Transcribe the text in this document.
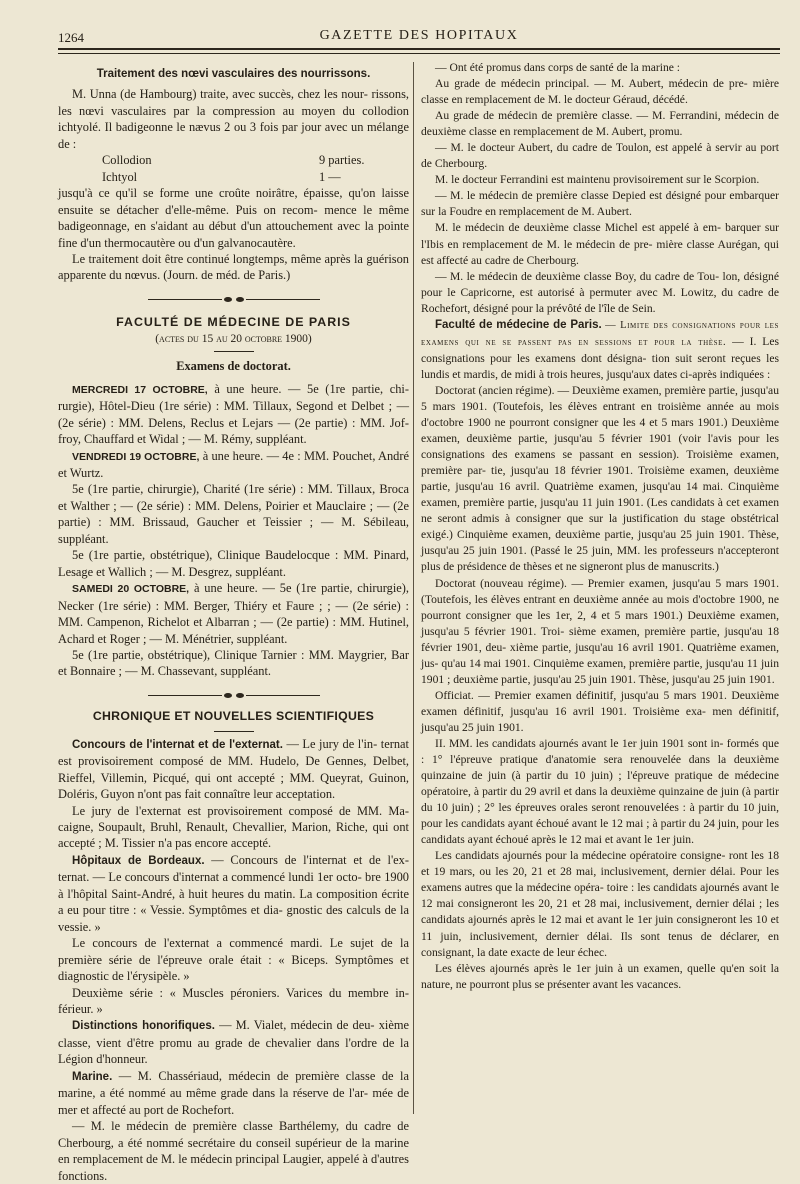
1264	GAZETTE DES HOPITAUX
Traitement des nœvi vasculaires des nourrissons.

M. Unna (de Hambourg) traite, avec succès, chez les nour- rissons, les nœvi vasculaires par la compression au moyen du collodion ichtyolé. Il badigeonne le nævus 2 ou 3 fois par jour avec un mélange de :

Collodion	9 parties.
Ichtyol	1 —

jusqu'à ce qu'il se forme une croûte noirâtre, épaisse, qu'on laisse ensuite se détacher d'elle-même. Puis on recom- mence le même badigeonnage, en s'aidant au début d'un attouchement avec la pointe fine d'un thermocautère ou d'un galvanocautère.

Le traitement doit être continué longtemps, même après la guérison apparente du nœvus. (Journ. de méd. de Paris.)

FACULTÉ DE MÉDECINE DE PARIS
(actes du 15 au 20 octobre 1900)
Examens de doctorat.

MERCREDI 17 OCTOBRE, à une heure. — 5e (1re partie, chi- rurgie), Hôtel-Dieu (1re série) : MM. Tillaux, Segond et Delbet ; — (2e série) : MM. Delens, Reclus et Lejars — (2e partie) : MM. Jof- froy, Chauffard et Widal ; — M. Rémy, suppléant.

VENDREDI 19 OCTOBRE, à une heure. — 4e : MM. Pouchet, André et Wurtz.

5e (1re partie, chirurgie), Charité (1re série) : MM. Tillaux, Broca et Walther ; — (2e série) : MM. Delens, Poirier et Mauclaire ; — (2e partie) : MM. Brissaud, Gaucher et Teissier ; — M. Sébileau, suppléant.

5e (1re partie, obstétrique), Clinique Baudelocque : MM. Pinard, Lesage et Wallich ; — M. Desgrez, suppléant.

SAMEDI 20 OCTOBRE, à une heure. — 5e (1re partie, chirurgie), Necker (1re série) : MM. Berger, Thiéry et Faure ; ; — (2e série) : MM. Campenon, Richelot et Albarran ; — (2e partie) : MM. Hutinel, Achard et Roger ; — M. Ménétrier, suppléant.

5e (1re partie, obstétrique), Clinique Tarnier : MM. Maygrier, Bar et Bonnaire ; — M. Chassevant, suppléant.

CHRONIQUE ET NOUVELLES SCIENTIFIQUES

Concours de l'internat et de l'externat. — Le jury de l'in- ternat est provisoirement composé de MM. Hudelo, De Gennes, Delbet, Rieffel, Villemin, Picqué, qui ont accepté ; MM. Queyrat, Guinon, Doléris, Guyon n'ont pas fait connaître leur acceptation.

Le jury de l'externat est provisoirement composé de MM. Ma- caigne, Soupault, Bruhl, Renault, Chevallier, Marion, Riche, qui ont accepté ; M. Tissier n'a pas encore accepté.

Hôpitaux de Bordeaux. — Concours de l'internat et de l'ex- ternat. — Le concours d'internat a commencé lundi 1er octo- bre 1900 à l'hôpital Saint-André, à huit heures du matin. La composition écrite a eu pour titre : « Vessie. Symptômes et dia- gnostic des calculs de la vessie. »

Le concours de l'externat a commencé mardi. Le sujet de la première série de l'épreuve orale était : « Biceps. Symptômes et diagnostic de l'érysipèle. »

Deuxième série : « Muscles péroniers. Varices du membre in- férieur. »

Distinctions honorifiques. — M. Vialet, médecin de deu- xième classe, vient d'être promu au grade de chevalier dans l'ordre de la Légion d'honneur.

Marine. — M. Chassériaud, médecin de première classe de la marine, a été nommé au même grade dans la réserve de l'ar- mée de mer et affecté au port de Rochefort.

— M. le médecin de première classe Barthélemy, du cadre de Cherbourg, a été nommé secrétaire du conseil supérieur de la marine en remplacement de M. le médecin principal Laugier, appelé à d'autres fonctions.

— Ont été promus dans corps de santé de la marine :

Au grade de médecin principal. — M. Aubert, médecin de pre- mière classe en remplacement de M. le docteur Géraud, décédé.

Au grade de médecin de première classe. — M. Ferrandini, médecin de deuxième classe en remplacement de M. Aubert, promu.

— M. le docteur Aubert, du cadre de Toulon, est appelé à servir au port de Cherbourg.

M. le docteur Ferrandini est maintenu provisoirement sur le Scorpion.

— M. le médecin de première classe Depied est désigné pour embarquer sur la Foudre en remplacement de M. Aubert.

M. le médecin de deuxième classe Michel est appelé à em- barquer sur l'Ibis en remplacement de M. le médecin de pre- mière classe Aurégan, qui est affecté au cadre de Cherbourg.

— M. le médecin de deuxième classe Boy, du cadre de Tou- lon, désigné pour le Capricorne, est autorisé à permuter avec M. Lowitz, du cadre de Rochefort, désigné pour la prévôté de l'île de Sein.

Faculté de médecine de Paris. — Limite des consignations pour les examens qui ne se passent pas en sessions et pour la thèse. — I. Les consignations pour les examens dont désigna- tion suit seront reçues les lundis et mardis, de midi à trois heures, jusqu'aux dates ci-après indiquées :

Doctorat (ancien régime). — Deuxième examen, première partie, jusqu'au 5 mars 1901. (Toutefois, les élèves entrant en troisième année au mois d'octobre 1900 ne pourront consigner que les 4 et 5 mars 1901.) Deuxième examen, deuxième partie, jusqu'au 5 février 1901 (voir l'avis pour les consignations des examens se passant en session). Troisième examen, première par- tie, jusqu'au 18 février 1901. Troisième examen, deuxième partie, jusqu'au 16 avril. Quatrième examen, jusqu'au 14 mai. Cinquième examen, première partie, jusqu'au 11 juin 1901. (Les candidats à cet examen ne seront admis à consigner que sur la justification du stage obstétrical exigé.) Cinquième examen, deuxième partie, jusqu'au 25 juin 1901. Thèse, jusqu'au 25 juin 1901. (Passé le 25 juin, MM. les professeurs n'accepteront plus de présidence de thèses et ne signeront plus de manuscrits.)

Doctorat (nouveau régime). — Premier examen, jusqu'au 5 mars 1901. (Toutefois, les élèves entrant en deuxième année au mois d'octobre 1900, ne pourront consigner que les 1er, 2, 4 et 5 mars 1901.) Deuxième examen, jusqu'au 5 février 1901. Troi- sième examen, première partie, jusqu'au 18 février 1901, deu- xième partie, jusqu'au 16 avril 1901. Quatrième examen, jus- qu'au 14 mai 1901. Cinquième examen, première partie, jusqu'au 11 juin 1901 ; deuxième partie, jusqu'au 25 juin 1901. Thèse, jusqu'au 25 juin 1901.

Officiat. — Premier examen définitif, jusqu'au 5 mars 1901. Deuxième examen définitif, jusqu'au 16 avril 1901. Troisième exa- men définitif, jusqu'au 25 juin 1901.

II. MM. les candidats ajournés avant le 1er juin 1901 sont in- formés que : 1° l'épreuve pratique d'anatomie sera renouvelée dans la deuxième quinzaine de juin (à partir du 10 juin) ; l'épreuve pratique de médecine opératoire, à partir du 29 avril et dans la deuxième quinzaine de juin (à partir du 10 juin) ; 2° les épreuves orales seront renouvelées : à partir du 10 juin, pour les candidats ayant échoué avant le 12 mai ; à partir du 24 juin, pour les candidats ayant échoué après le 12 mai et avant le 1er juin.

Les candidats ajournés pour la médecine opératoire consigne- ront les 18 et 19 mars, ou les 20, 21 et 28 mai, inclusivement, dernier délai. Pour les examens autres que la médecine opéra- toire : les candidats ajournés avant le 12 mai consigneront les 20, 21 et 28 mai, inclusivement, dernier délai ; les candidats ajournés après le 12 mai et avant le 1er juin consigneront les 10 et 11 juin, inclusivement, dernier délai. Ils sont tenus de déclarer, en consignant, la date exacte de leur échec.

Les élèves ajournés après le 1er juin à un examen, quelle qu'en soit la nature, ne pourront plus se présenter avant les vacances.
